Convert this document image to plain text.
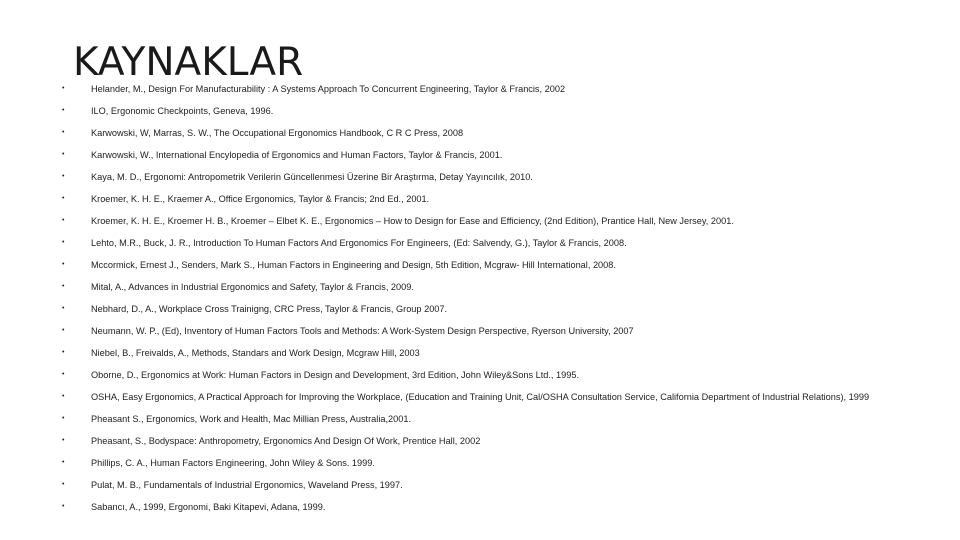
KAYNAKLAR
•	Helander, M., Design For Manufacturability : A Systems Approach To Concurrent Engineering, Taylor & Francis, 2002
•	ILO, Ergonomic Checkpoints, Geneva, 1996.
•	Karwowski, W, Marras, S. W., The Occupational Ergonomics Handbook, C R C Press, 2008
•	Karwowski, W., International Encylopedia of Ergonomics and Human Factors, Taylor & Francis, 2001.
•	Kaya, M. D., Ergonomi: Antropometrik Verilerin Güncellenmesi Üzerine Bir Araştırma, Detay Yayıncılık, 2010.
•	Kroemer, K. H. E., Kraemer A., Office Ergonomics, Taylor & Francis; 2nd Ed., 2001.
•	Kroemer, K. H. E., Kroemer H. B., Kroemer – Elbet K. E., Ergonomics – How to Design for Ease and Efficiency, (2nd Edition), Prantice Hall, New Jersey, 2001.
•	Lehto, M.R., Buck, J. R., Introduction To Human Factors And Ergonomics For Engineers, (Ed: Salvendy, G.), Taylor & Francis, 2008.
•	Mccormick, Ernest J., Senders, Mark S., Human Factors in Engineering and Design, 5th Edition, Mcgraw- Hill International, 2008.
•	Mital, A., Advances in Industrial Ergonomics and Safety, Taylor & Francis, 2009.
•	Nebhard, D., A., Workplace Cross Trainigng, CRC Press, Taylor & Francis, Group 2007.
•	Neumann, W. P., (Ed), Inventory of Human Factors Tools and Methods: A Work-System Design Perspective, Ryerson University, 2007
•	Niebel, B., Freivalds, A., Methods, Standars and Work Design, Mcgraw Hill, 2003
•	Oborne, D., Ergonomics at Work: Human Factors in Design and Development, 3rd Edition, John Wiley&Sons Ltd., 1995.
•	OSHA, Easy Ergonomics, A Practical Approach for Improving the Workplace, (Education and Training Unit, Cal/OSHA Consultation Service, California Department of Industrial Relations), 1999
•	Pheasant S., Ergonomics, Work and Health, Mac Millian Press, Australia,2001.
•	Pheasant, S., Bodyspace: Anthropometry, Ergonomics And Design Of Work, Prentice Hall, 2002
•	Phillips, C. A., Human Factors Engineering, John Wiley & Sons. 1999.
•	Pulat, M. B., Fundamentals of Industrial Ergonomics, Waveland Press, 1997.
•	Sabancı, A., 1999, Ergonomi, Baki Kitapevi, Adana, 1999.
